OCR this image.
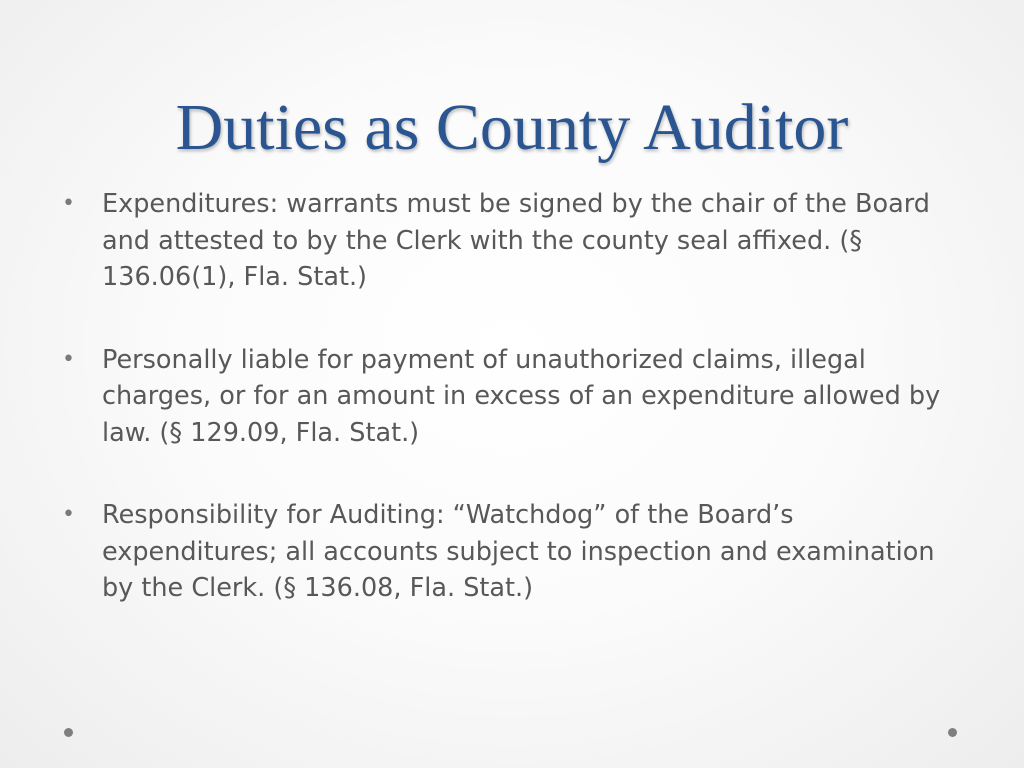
Duties as County Auditor
• Expenditures: warrants must be signed by the chair of the Board and attested to by the Clerk with the county seal affixed. (§ 136.06(1), Fla. Stat.)
• Personally liable for payment of unauthorized claims, illegal charges, or for an amount in excess of an expenditure allowed by law. (§ 129.09, Fla. Stat.)
• Responsibility for Auditing: “Watchdog” of the Board’s expenditures; all accounts subject to inspection and examination by the Clerk. (§ 136.08, Fla. Stat.)
